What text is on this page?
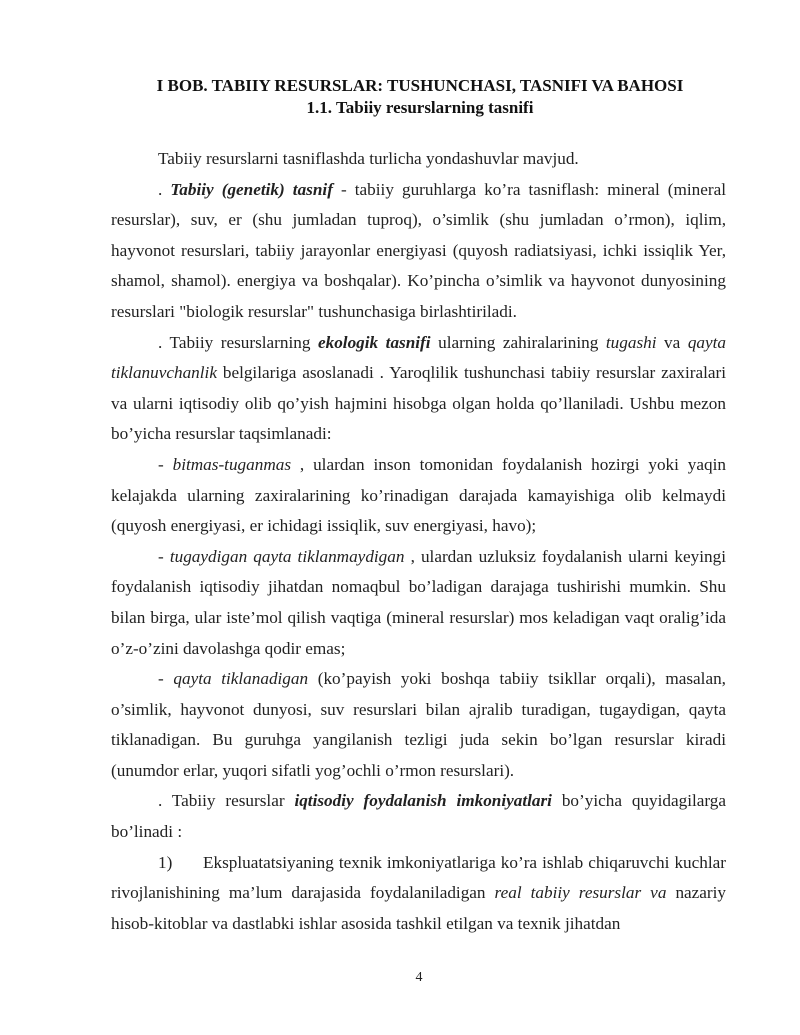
I BOB. TABIIY RESURSLAR: TUSHUNCHASI, TASNIFI VA BAHOSI
1.1. Tabiiy resurslarning tasnifi

Tabiiy resurslarni tasniflashda turlicha yondashuvlar mavjud.

. Tabiiy (genetik) tasnif - tabiiy guruhlarga ko’ra tasniflash: mineral (mineral resurslar), suv, er (shu jumladan tuproq), o’simlik (shu jumladan o’rmon), iqlim, hayvonot resurslari, tabiiy jarayonlar energiyasi (quyosh radiatsiyasi, ichki issiqlik Yer, shamol, shamol). energiya va boshqalar). Ko’pincha o’simlik va hayvonot dunyosining resurslari "biologik resurslar" tushunchasiga birlashtiriladi.

. Tabiiy resurslarning ekologik tasnifi ularning zahiralarining tugashi va qayta tiklanuvchanlik belgilariga asoslanadi . Yaroqlilik tushunchasi tabiiy resurslar zaxiralari va ularni iqtisodiy olib qo’yish hajmini hisobga olgan holda qo’llaniladi. Ushbu mezon bo’yicha resurslar taqsimlanadi:

- bitmas-tuganmas , ulardan inson tomonidan foydalanish hozirgi yoki yaqin kelajakda ularning zaxiralarining ko’rinadigan darajada kamayishiga olib kelmaydi (quyosh energiyasi, er ichidagi issiqlik, suv energiyasi, havo);

- tugaydigan qayta tiklanmaydigan , ulardan uzluksiz foydalanish ularni keyingi foydalanish iqtisodiy jihatdan nomaqbul bo’ladigan darajaga tushirishi mumkin. Shu bilan birga, ular iste’mol qilish vaqtiga (mineral resurslar) mos keladigan vaqt oralig’ida o’z-o’zini davolashga qodir emas;

- qayta tiklanadigan (ko’payish yoki boshqa tabiiy tsikllar orqali), masalan, o’simlik, hayvonot dunyosi, suv resurslari bilan ajralib turadigan, tugaydigan, qayta tiklanadigan. Bu guruhga yangilanish tezligi juda sekin bo’lgan resurslar kiradi (unumdor erlar, yuqori sifatli yog’ochli o’rmon resurslari).

. Tabiiy resurslar iqtisodiy foydalanish imkoniyatlari bo’yicha quyidagilarga bo’linadi :

1) Ekspluatatsiyaning texnik imkoniyatlariga ko’ra ishlab chiqaruvchi kuchlar rivojlanishining ma’lum darajasida foydalaniladigan real tabiiy resurslar va nazariy hisob-kitoblar va dastlabki ishlar asosida tashkil etilgan va texnik jihatdan

4
